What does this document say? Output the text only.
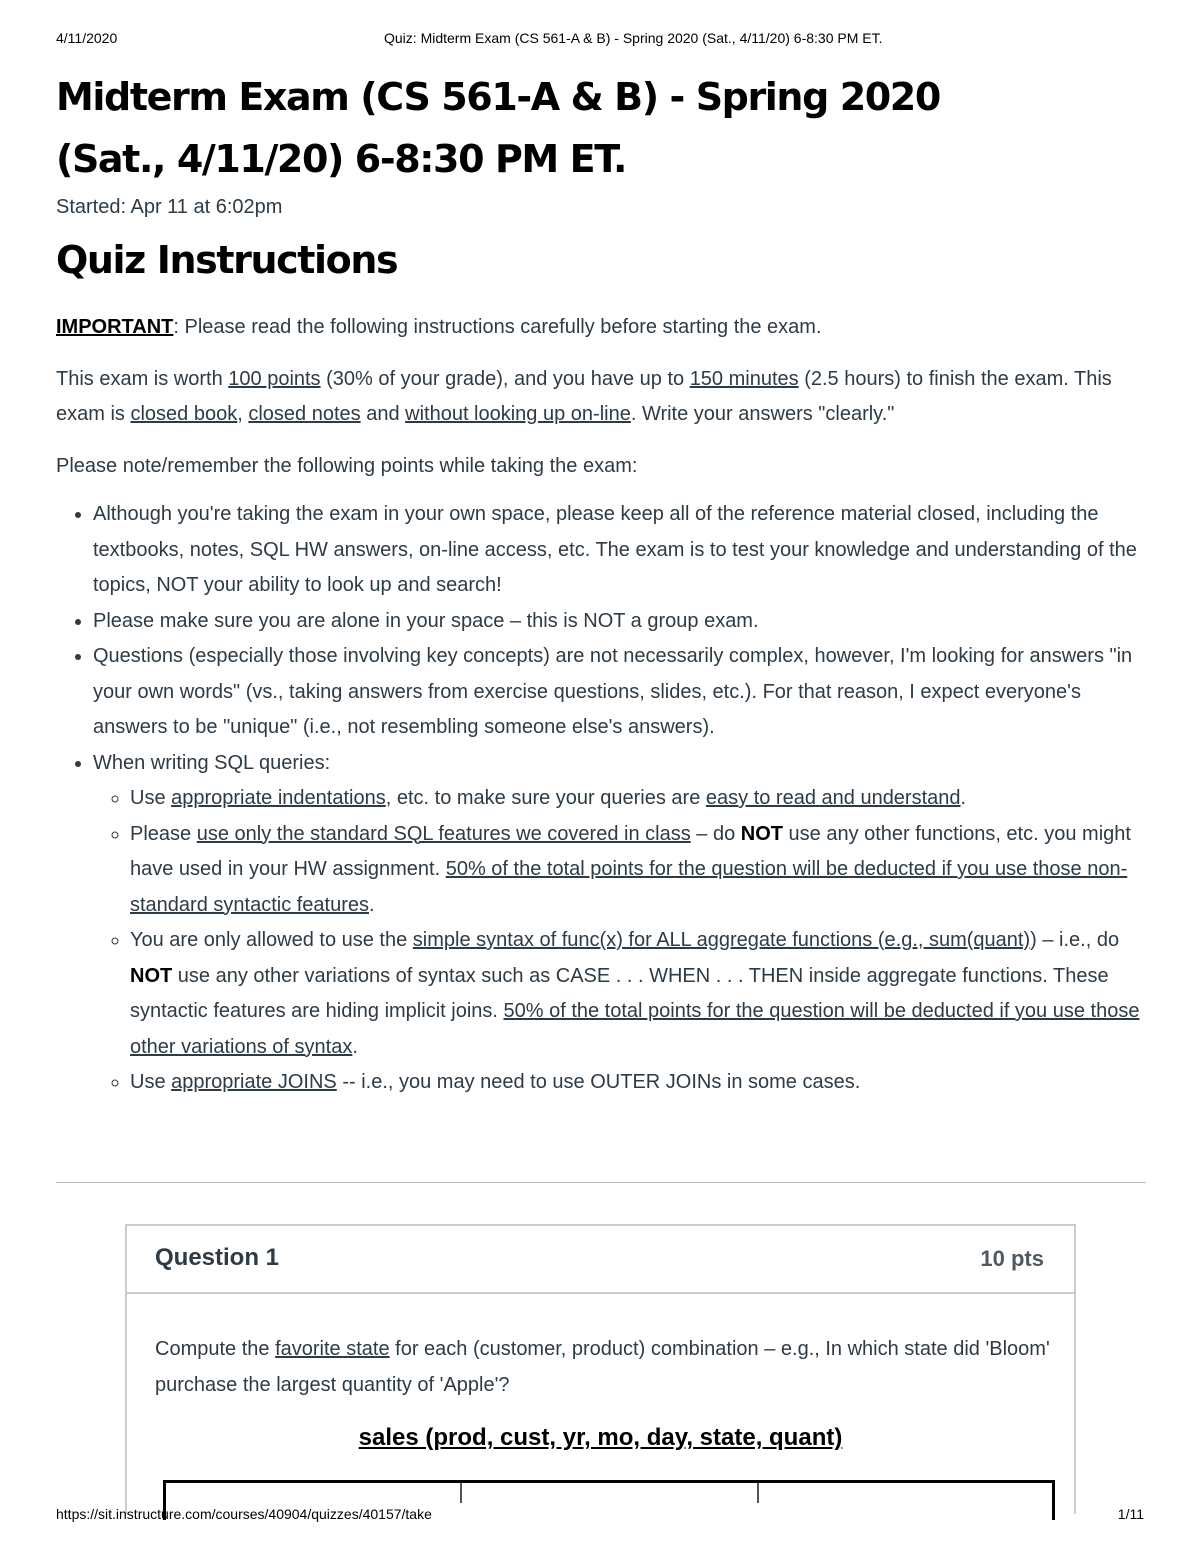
4/11/2020	Quiz: Midterm Exam (CS 561-A & B) - Spring 2020 (Sat., 4/11/20) 6-8:30 PM ET.
Midterm Exam (CS 561-A & B) - Spring 2020 (Sat., 4/11/20) 6-8:30 PM ET.
Started: Apr 11 at 6:02pm
Quiz Instructions

IMPORTANT: Please read the following instructions carefully before starting the exam.

This exam is worth 100 points (30% of your grade), and you have up to 150 minutes (2.5 hours) to finish the exam. This exam is closed book, closed notes and without looking up on-line. Write your answers "clearly."

Please note/remember the following points while taking the exam:

• Although you're taking the exam in your own space, please keep all of the reference material closed, including the textbooks, notes, SQL HW answers, on-line access, etc. The exam is to test your knowledge and understanding of the topics, NOT your ability to look up and search!
• Please make sure you are alone in your space – this is NOT a group exam.
• Questions (especially those involving key concepts) are not necessarily complex, however, I'm looking for answers "in your own words" (vs., taking answers from exercise questions, slides, etc.). For that reason, I expect everyone's answers to be "unique" (i.e., not resembling someone else's answers).
• When writing SQL queries:
◦ Use appropriate indentations, etc. to make sure your queries are easy to read and understand.
◦ Please use only the standard SQL features we covered in class – do NOT use any other functions, etc. you might have used in your HW assignment. 50% of the total points for the question will be deducted if you use those non-standard syntactic features.
◦ You are only allowed to use the simple syntax of func(x) for ALL aggregate functions (e.g., sum(quant)) – i.e., do NOT use any other variations of syntax such as CASE . . . WHEN . . . THEN inside aggregate functions. These syntactic features are hiding implicit joins. 50% of the total points for the question will be deducted if you use those other variations of syntax.
◦ Use appropriate JOINS -- i.e., you may need to use OUTER JOINs in some cases.
Question 1	10 pts
Compute the favorite state for each (customer, product) combination – e.g., In which state did 'Bloom' purchase the largest quantity of 'Apple'?
sales (prod, cust, yr, mo, day, state, quant)
https://sit.instructure.com/courses/40904/quizzes/40157/take	1/11
